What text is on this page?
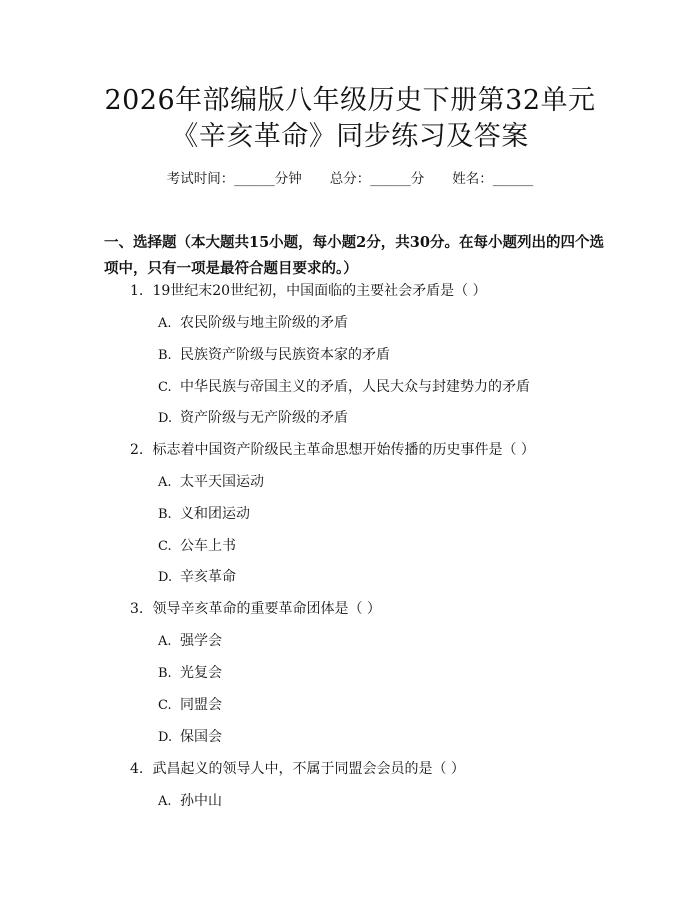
2026年部编版八年级历史下册第32单元
《辛亥革命》同步练习及答案
考试时间：______分钟 总分：______分 姓名：______

一、选择题（本大题共15小题，每小题2分，共30分。在每小题列出的四个选项中，只有一项是最符合题目要求的。）

1. 19世纪末20世纪初，中国面临的主要社会矛盾是（ ）
A. 农民阶级与地主阶级的矛盾
B. 民族资产阶级与民族资本家的矛盾
C. 中华民族与帝国主义的矛盾，人民大众与封建势力的矛盾
D. 资产阶级与无产阶级的矛盾
2. 标志着中国资产阶级民主革命思想开始传播的历史事件是（ ）
A. 太平天国运动
B. 义和团运动
C. 公车上书
D. 辛亥革命
3. 领导辛亥革命的重要革命团体是（ ）
A. 强学会
B. 光复会
C. 同盟会
D. 保国会
4. 武昌起义的领导人中，不属于同盟会会员的是（ ）
A. 孙中山
